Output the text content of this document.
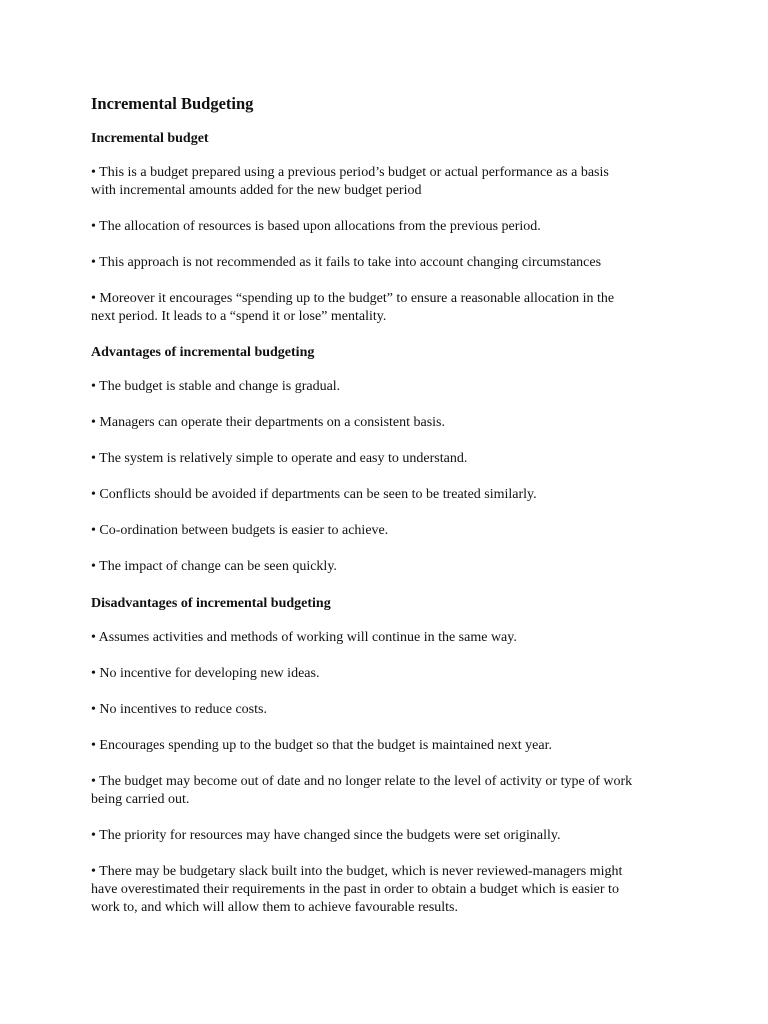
Incremental Budgeting
Incremental budget

• This is a budget prepared using a previous period’s budget or actual performance as a basis
with incremental amounts added for the new budget period

• The allocation of resources is based upon allocations from the previous period.

• This approach is not recommended as it fails to take into account changing circumstances

• Moreover it encourages “spending up to the budget” to ensure a reasonable allocation in the
next period. It leads to a “spend it or lose” mentality.

Advantages of incremental budgeting

• The budget is stable and change is gradual.

• Managers can operate their departments on a consistent basis.

• The system is relatively simple to operate and easy to understand.

• Conflicts should be avoided if departments can be seen to be treated similarly.

• Co-ordination between budgets is easier to achieve.

• The impact of change can be seen quickly.

Disadvantages of incremental budgeting

• Assumes activities and methods of working will continue in the same way.

• No incentive for developing new ideas.

• No incentives to reduce costs.

• Encourages spending up to the budget so that the budget is maintained next year.

• The budget may become out of date and no longer relate to the level of activity or type of work
being carried out.

• The priority for resources may have changed since the budgets were set originally.

• There may be budgetary slack built into the budget, which is never reviewed-managers might
have overestimated their requirements in the past in order to obtain a budget which is easier to
work to, and which will allow them to achieve favourable results.
